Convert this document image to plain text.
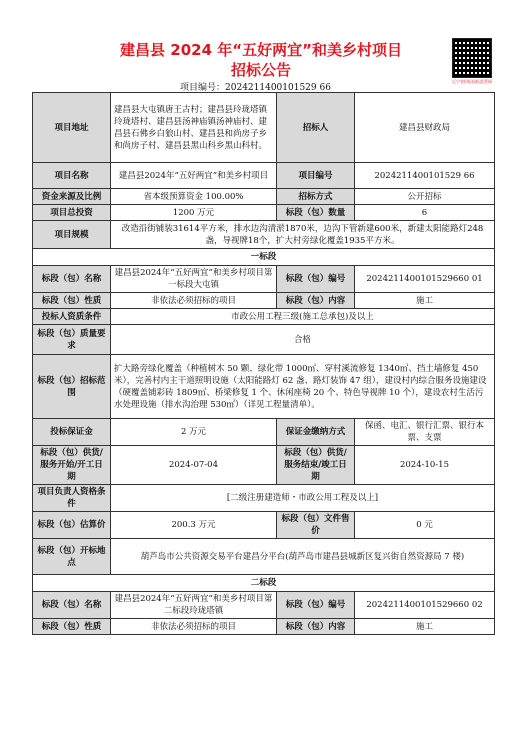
建昌县 2024 年“五好两宜”和美乡村项目
招标公告
辽宁省招标投标监管网
项目编号：2024211400101529 66
项目地址	建昌县大屯镇唐王古村；建昌县玲珑塔镇玲珑塔村、建昌县汤神庙镇汤神庙村、建昌县石佛乡白狼山村、建昌县和尚房子乡和尚房子村、建昌县黑山科乡黑山科村。	招标人	建昌县财政局
项目名称	建昌县2024年“五好两宜”和美乡村项目	项目编号	2024211400101529 66
资金来源及比例	省本级预算资金 100.00%	招标方式	公开招标
项目总投资	1200 万元	标段（包）数量	6
项目规模	改造沿街铺装31614平方米，排水边沟清淤1870米，边沟下管新建600米，新建太阳能路灯248盏，导视牌18个，扩大村旁绿化覆盖1935平方米。		
一标段			
标段（包）名称	建昌县2024年“五好两宜”和美乡村项目第一标段大屯镇	标段（包）编号	2024211400101529660 01
标段（包）性质	非依法必须招标的项目	标段（包）内容	施工
投标人资质条件	市政公用工程三级(施工总承包)及以上		
标段（包）质量要求	合格		
标段（包）招标范围	扩大路旁绿化覆盖（种植树木 50 颗、绿化带 1000㎡、穿村溪流修复 1340㎡、挡土墙修复 450 米），完善村内主干道照明设施（太阳能路灯 62 盏、路灯装饰 47 组），建设村内综合服务设施建设（硬覆盖铺彩砖 1809㎡、桥梁修复 1 个、休闲座椅 20 个、特色导视牌 10 个），建设农村生活污水处理设施（排水沟治理 530㎡）（详见工程量清单）。		
投标保证金	2 万元	保证金缴纳方式	保函、电汇、银行汇票、银行本票、支票
标段（包）供货/服务开始/开工日期	2024-07-04	标段（包）供货/服务结束/竣工日期	2024-10-15
项目负责人资格条件	[二级注册建造师・市政公用工程及以上]		
标段（包）估算价	200.3 万元	标段（包）文件售价	0 元
标段（包）开标地点	葫芦岛市公共资源交易平台建昌分平台(葫芦岛市建昌县城新区复兴街自然资源局 7 楼)		
二标段			
标段（包）名称	建昌县2024年“五好两宜”和美乡村项目第二标段玲珑塔镇	标段（包）编号	2024211400101529660 02
标段（包）性质	非依法必须招标的项目	标段（包）内容	施工
